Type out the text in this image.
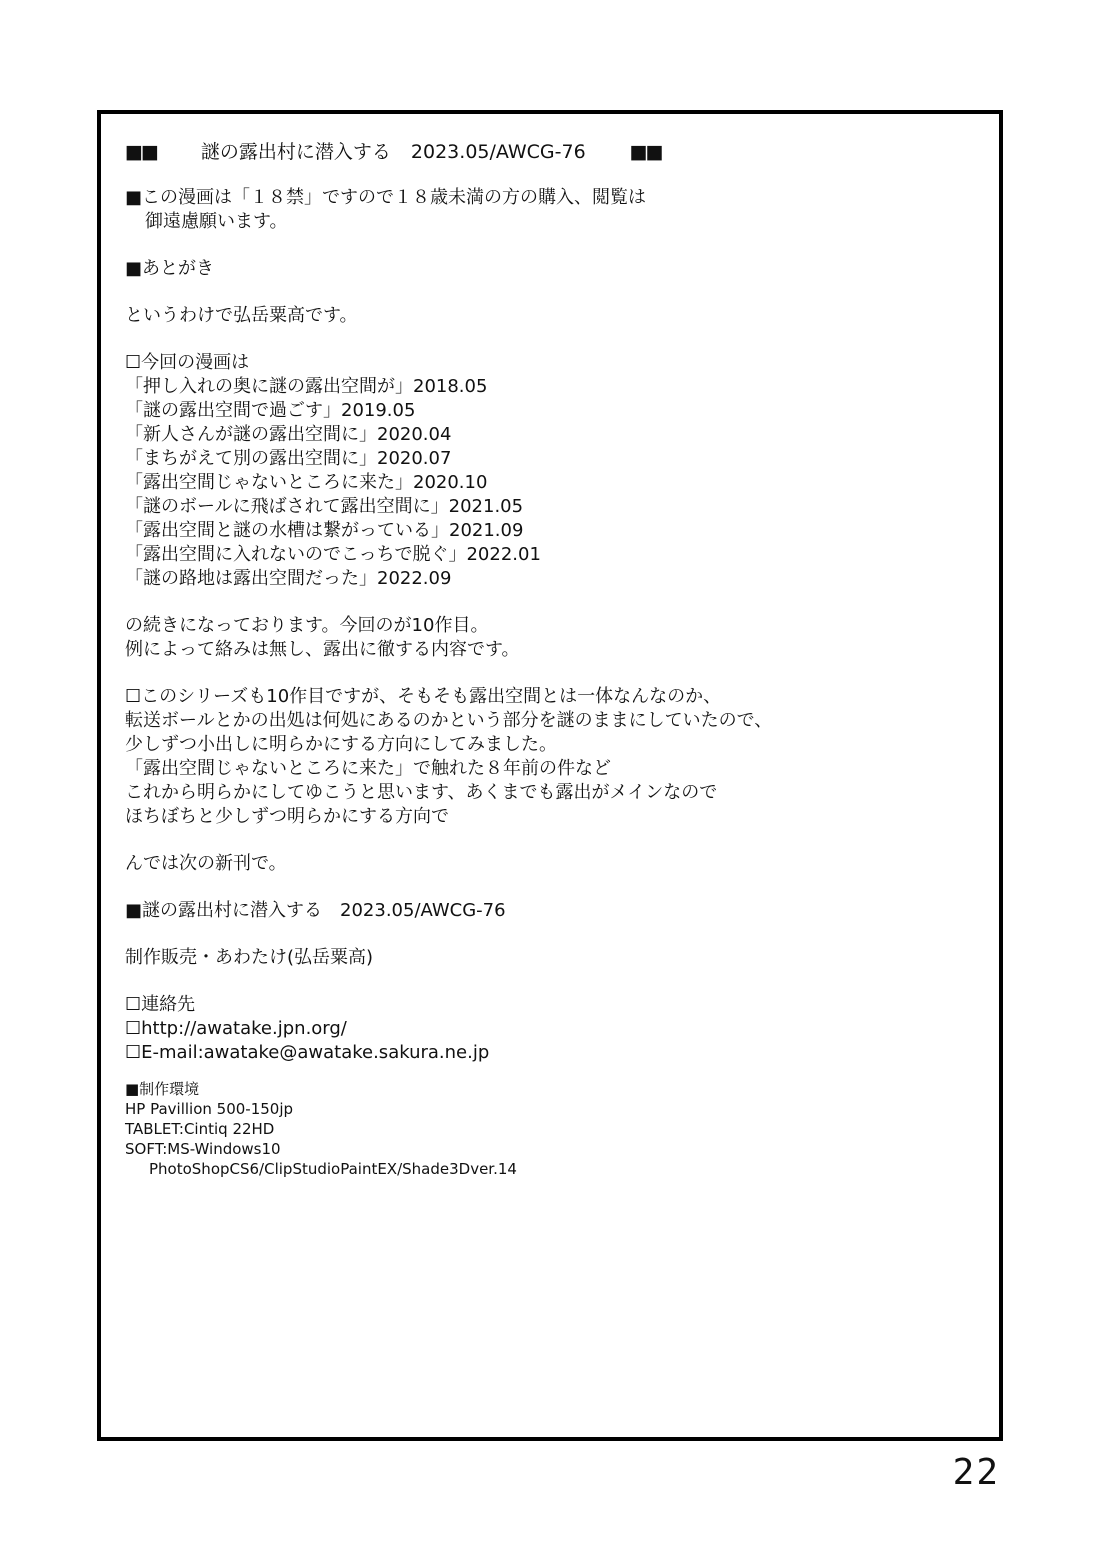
■■ 謎の露出村に潜入する 2023.05/AWCG-76 ■■
■この漫画は「１８禁」ですので１８歳未満の方の購入、閲覧は
御遠慮願います。
■あとがき
というわけで弘岳粟高です。
☐今回の漫画は
「押し入れの奥に謎の露出空間が」2018.05
「謎の露出空間で過ごす」2019.05
「新人さんが謎の露出空間に」2020.04
「まちがえて別の露出空間に」2020.07
「露出空間じゃないところに来た」2020.10
「謎のボールに飛ばされて露出空間に」2021.05
「露出空間と謎の水槽は繋がっている」2021.09
「露出空間に入れないのでこっちで脱ぐ」2022.01
「謎の路地は露出空間だった」2022.09
の続きになっております。今回のが10作目。
例によって絡みは無し、露出に徹する内容です。
☐このシリーズも10作目ですが、そもそも露出空間とは一体なんなのか、
転送ボールとかの出処は何処にあるのかという部分を謎のままにしていたので、
少しずつ小出しに明らかにする方向にしてみました。
「露出空間じゃないところに来た」で触れた８年前の件など
これから明らかにしてゆこうと思います、あくまでも露出がメインなので
ほちぼちと少しずつ明らかにする方向で
んでは次の新刊で。
■謎の露出村に潜入する　2023.05/AWCG-76
制作販売・あわたけ(弘岳粟高)
☐連絡先
☐http://awatake.jpn.org/
☐E-mail:awatake@awatake.sakura.ne.jp
■制作環境
HP Pavillion 500-150jp
TABLET:Cintiq 22HD
SOFT:MS-Windows10
PhotoShopCS6/ClipStudioPaintEX/Shade3Dver.14
22
